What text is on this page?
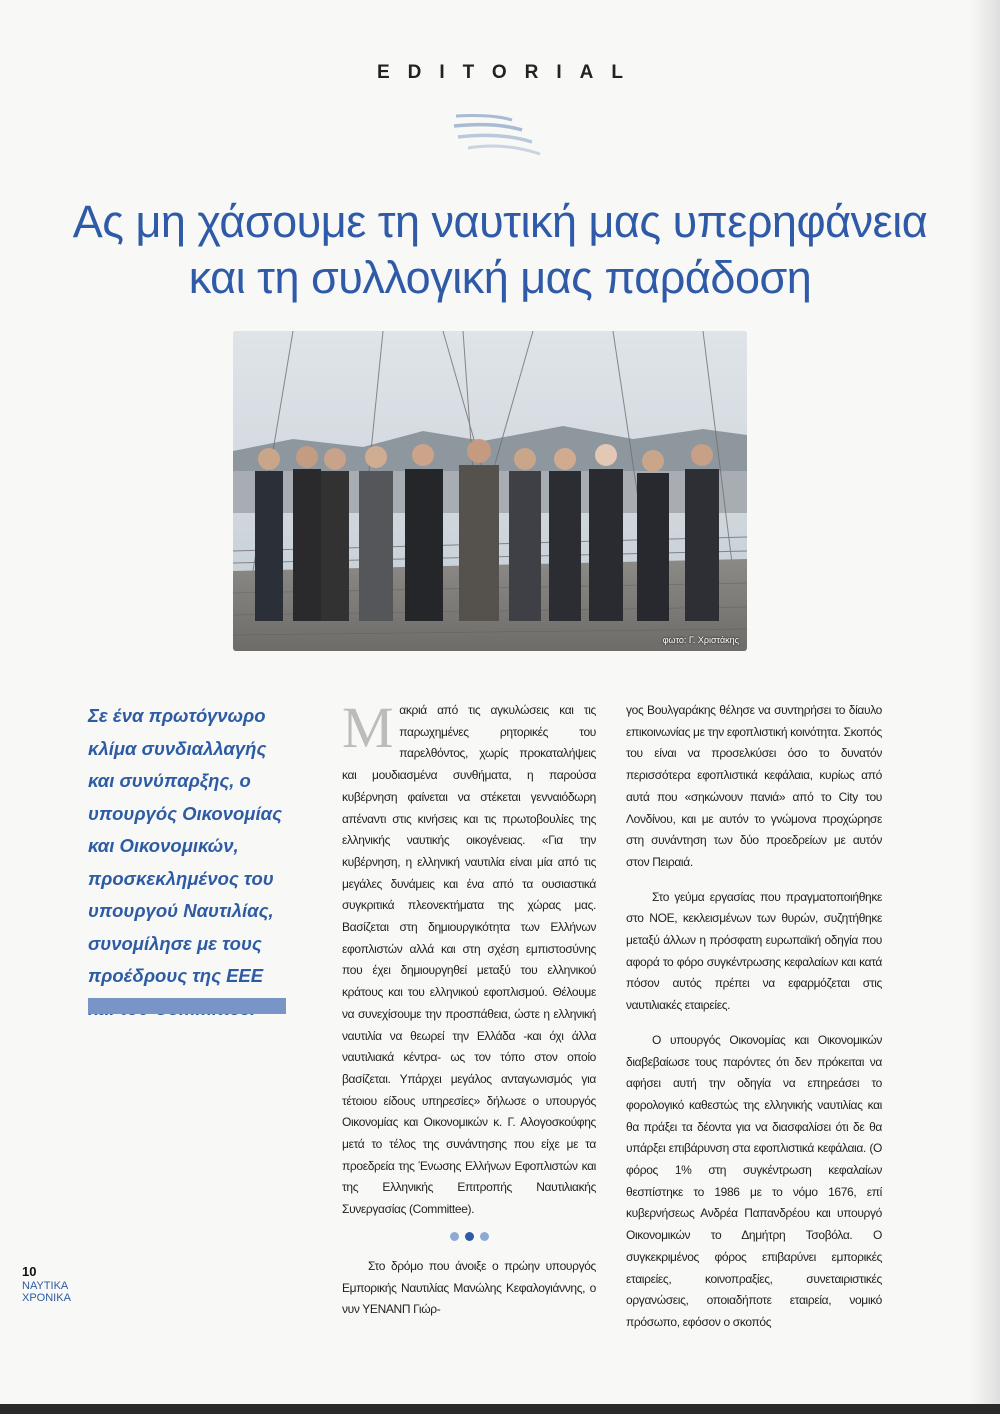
EDITORIAL
Ας μη χάσουμε τη ναυτική μας υπερηφάνεια
και τη συλλογική μας παράδοση
φωτο: Γ. Χριστάκης

Σε ένα πρωτόγνωρο κλίμα συνδιαλλαγής και συνύπαρξης, ο υπουργός Οικονομίας και Οικονομικών, προσκεκλημένος του υπουργού Ναυτιλίας, συνομίλησε με τους προέδρους της ΕΕΕ

Μακριά από τις αγκυλώσεις και τις παρωχημένες ρητορικές του παρελθόντος, χωρίς προκαταλήψεις και μουδιασμένα συνθήματα, η παρούσα κυβέρνηση φαίνεται να στέκεται γενναιόδωρη απέναντι στις κινήσεις και τις πρωτοβουλίες της ελληνικής ναυτικής οικογένειας. «Για την κυβέρνηση, η ελληνική ναυτιλία είναι μία από τις μεγάλες δυνάμεις και ένα από τα ουσιαστικά συγκριτικά πλεονεκτήματα της χώρας μας. Βασίζεται στη δημιουργικότητα των Ελλήνων εφοπλιστών αλλά και στη σχέση εμπιστοσύνης που έχει δημιουργηθεί μεταξύ του ελληνικού κράτους και του ελληνικού εφοπλισμού. Θέλουμε να συνεχίσουμε την προσπάθεια, ώστε η ελληνική ναυτιλία να θεωρεί την Ελλάδα -και όχι άλλα ναυτιλιακά κέντρα- ως τον τόπο στον οποίο βασίζεται. Υπάρχει μεγάλος ανταγωνισμός για τέτοιου είδους υπηρεσίες» δήλωσε ο υπουργός Οικονομίας και Οικονομικών κ. Γ. Αλογοσκούφης μετά το τέλος της συνάντησης που είχε με τα προεδρεία της Ένωσης Ελλήνων Εφοπλιστών και της Ελληνικής Επιτροπής Ναυτιλιακής Συνεργασίας (Committee).

Στο δρόμο που άνοιξε ο πρώην υπουργός Εμπορικής Ναυτιλίας Μανώλης Κεφαλογιάννης, ο νυν ΥΕΝΑΝΠ Γιώρ-

γος Βουλγαράκης θέλησε να συντηρήσει το δίαυλο επικοινωνίας με την εφοπλιστική κοινότητα. Σκοπός του είναι να προσελκύσει όσο το δυνατόν περισσότερα εφοπλιστικά κεφάλαια, κυρίως από αυτά που «σηκώνουν πανιά» από το City του Λονδίνου, και με αυτόν το γνώμονα προχώρησε στη συνάντηση των δύο προεδρείων με αυτόν στον Πειραιά.

Στο γεύμα εργασίας που πραγματοποιήθηκε στο ΝΟΕ, κεκλεισμένων των θυρών, συζητήθηκε μεταξύ άλλων η πρόσφατη ευρωπαϊκή οδηγία που αφορά το φόρο συγκέντρωσης κεφαλαίων και κατά πόσον αυτός πρέπει να εφαρμόζεται στις ναυτιλιακές εταιρείες.

Ο υπουργός Οικονομίας και Οικονομικών διαβεβαίωσε τους παρόντες ότι δεν πρόκειται να αφήσει αυτή την οδηγία να επηρεάσει το φορολογικό καθεστώς της ελληνικής ναυτιλίας και θα πράξει τα δέοντα για να διασφαλίσει ότι δε θα υπάρξει επιβάρυνση στα εφοπλιστικά κεφάλαια. (Ο φόρος 1% στη συγκέντρωση κεφαλαίων θεσπίστηκε το 1986 με το νόμο 1676, επί κυβερνήσεως Ανδρέα Παπανδρέου και υπουργό Οικονομικών το Δημήτρη Τσοβόλα. Ο συγκεκριμένος φόρος επιβαρύνει εμπορικές εταιρείες, κοινοπραξίες, συνεταιριστικές οργανώσεις, οποιαδήποτε εταιρεία, νομικό πρόσωπο, εφόσον ο σκοπός

10
ΝΑΥΤΙΚΑ
ΧΡΟΝΙΚΑ
